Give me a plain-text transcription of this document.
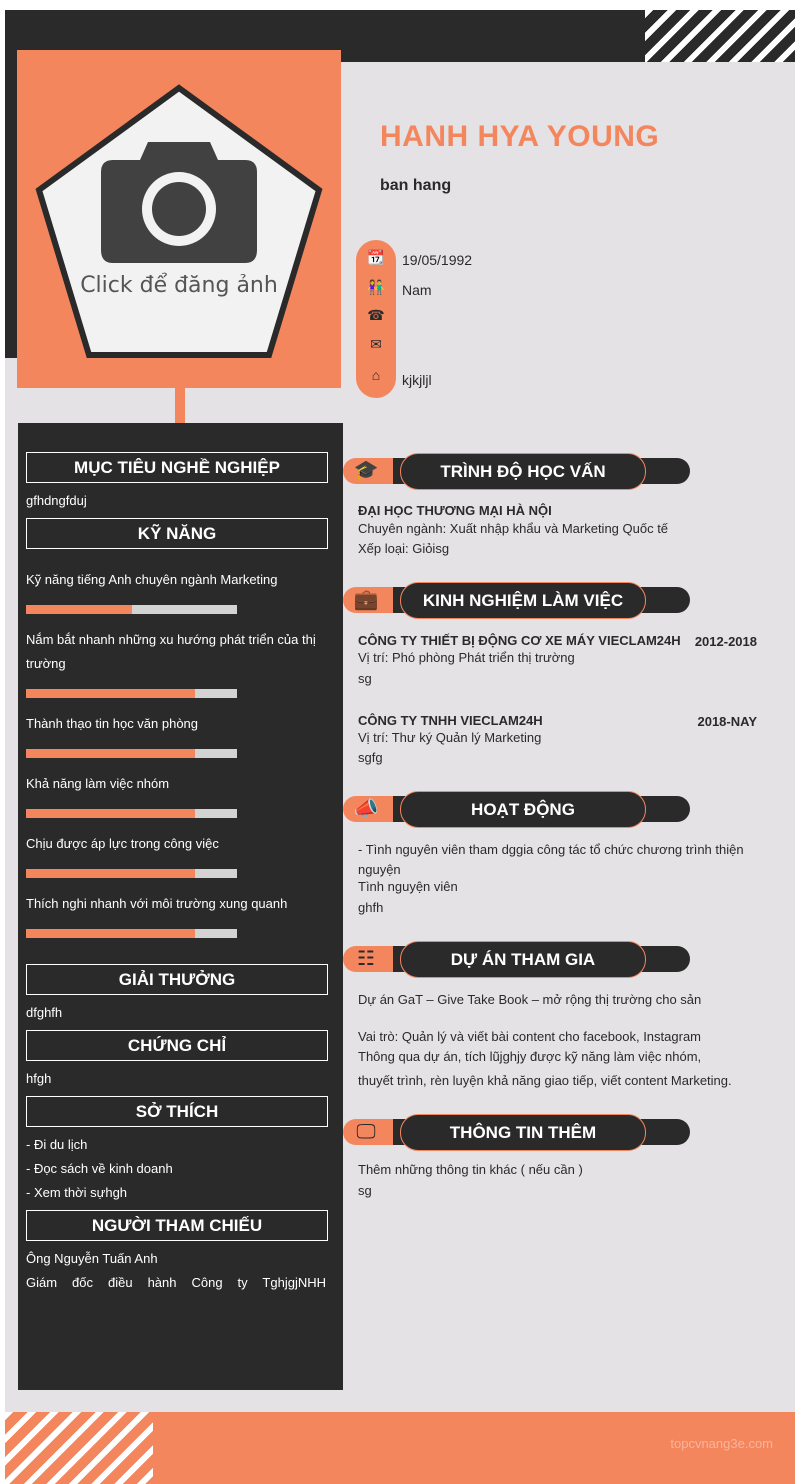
Click để đăng ảnh
MỤC TIÊU NGHỀ NGHIỆP
gfhdngfduj
KỸ NĂNG
Kỹ năng tiếng Anh chuyên ngành Marketing
Nắm bắt nhanh những xu hướng phát triển của thị trường
Thành thạo tin học văn phòng
Khả năng làm việc nhóm
Chịu được áp lực trong công việc
Thích nghi nhanh với môi trường xung quanh
GIẢI THƯỞNG
dfghfh
CHỨNG CHỈ
hfgh
SỞ THÍCH
- Đi du lịch
- Đọc sách về kinh doanh
- Xem thời sựhgh
NGƯỜI THAM CHIẾU
Ông Nguyễn Tuấn Anh
Giám đốc điều hành Công ty TghjgjNHH
HANH HYA YOUNG
ban hang
📆 19/05/1992
👫 Nam
☎
✉
⌂	kjkjljl
🎓	TRÌNH ĐỘ HỌC VẤN
ĐẠI HỌC THƯƠNG MẠI HÀ NỘI
Chuyên ngành: Xuất nhập khẩu và Marketing Quốc tế
Xếp loại: Giỏisg
💼	KINH NGHIỆM LÀM VIỆC
CÔNG TY THIẾT BỊ ĐỘNG CƠ XE MÁY VIECLAM24H 2012-2018
Vị trí: Phó phòng Phát triển thị trường
sg
CÔNG TY TNHH VIECLAM24H	2018-NAY
Vị trí: Thư ký Quản lý Marketing
sgfg
📣	HOẠT ĐỘNG
- Tình nguyên viên tham dggia công tác tổ chức chương trình thiện nguyện
Tình nguyện viên
ghfh
☷	DỰ ÁN THAM GIA
Dự án GaT – Give Take Book – mở rộng thị trường cho sản
Vai trò: Quản lý và viết bài content cho facebook, Instagram
Thông qua dự án, tích lũjghjy được kỹ năng làm việc nhóm,
thuyết trình, rèn luyện khả năng giao tiếp, viết content Marketing.
🖵	THÔNG TIN THÊM
Thêm những thông tin khác ( nếu cần )
sg
topcvnang3e.com
